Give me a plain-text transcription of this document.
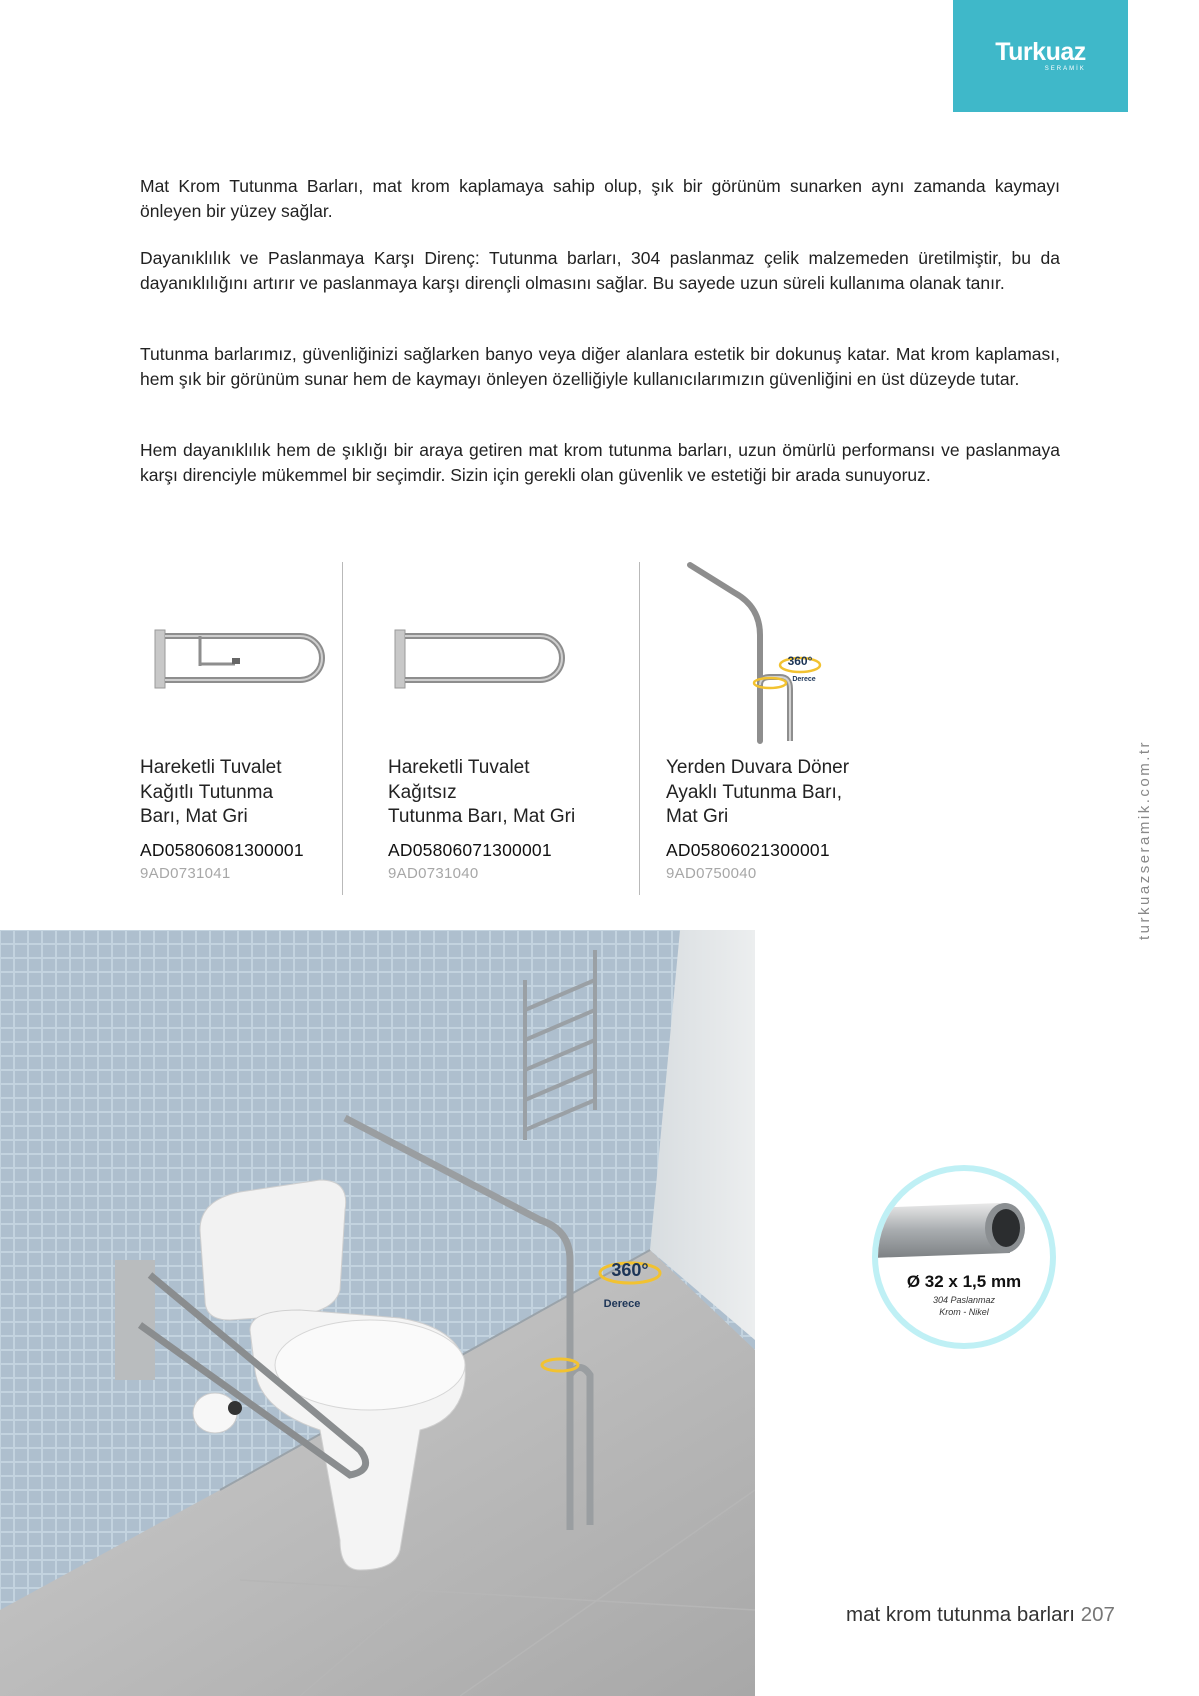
Turkuaz
SERAMİK

Mat Krom Tutunma Barları, mat krom kaplamaya sahip olup, şık bir görünüm sunarken aynı zamanda kaymayı önleyen bir yüzey sağlar.

Dayanıklılık ve Paslanmaya Karşı Direnç: Tutunma barları, 304 paslanmaz çelik malzemeden üretilmiştir, bu da dayanıklılığını artırır ve paslanmaya karşı dirençli olmasını sağlar. Bu sayede uzun süreli kullanıma olanak tanır.

Tutunma barlarımız, güvenliğinizi sağlarken banyo veya diğer alanlara estetik bir dokunuş katar. Mat krom kaplaması, hem şık bir görünüm sunar hem de kaymayı önleyen özelliğiyle kullanıcılarımızın güvenliğini en üst düzeyde tutar.

Hem dayanıklılık hem de şıklığı bir araya getiren mat krom tutunma barları, uzun ömürlü performansı ve paslanmaya karşı direnciyle mükemmel bir seçimdir. Sizin için gerekli olan güvenlik ve estetiği bir arada sunuyoruz.

Hareketli Tuvalet
Kağıtlı Tutunma
Barı, Mat Gri
AD05806081300001
9AD0731041
Hareketli Tuvalet
Kağıtsız
Tutunma Barı, Mat Gri
AD05806071300001
9AD0731040
360°
Derece
Yerden Duvara Döner
Ayaklı Tutunma Barı,
Mat Gri
AD05806021300001
9AD0750040	turkuazseramik.com.tr
360°
Derece
Ø 32 x 1,5 mm
304 Paslanmaz
Krom - Nikel
mat krom tutunma barları 207
